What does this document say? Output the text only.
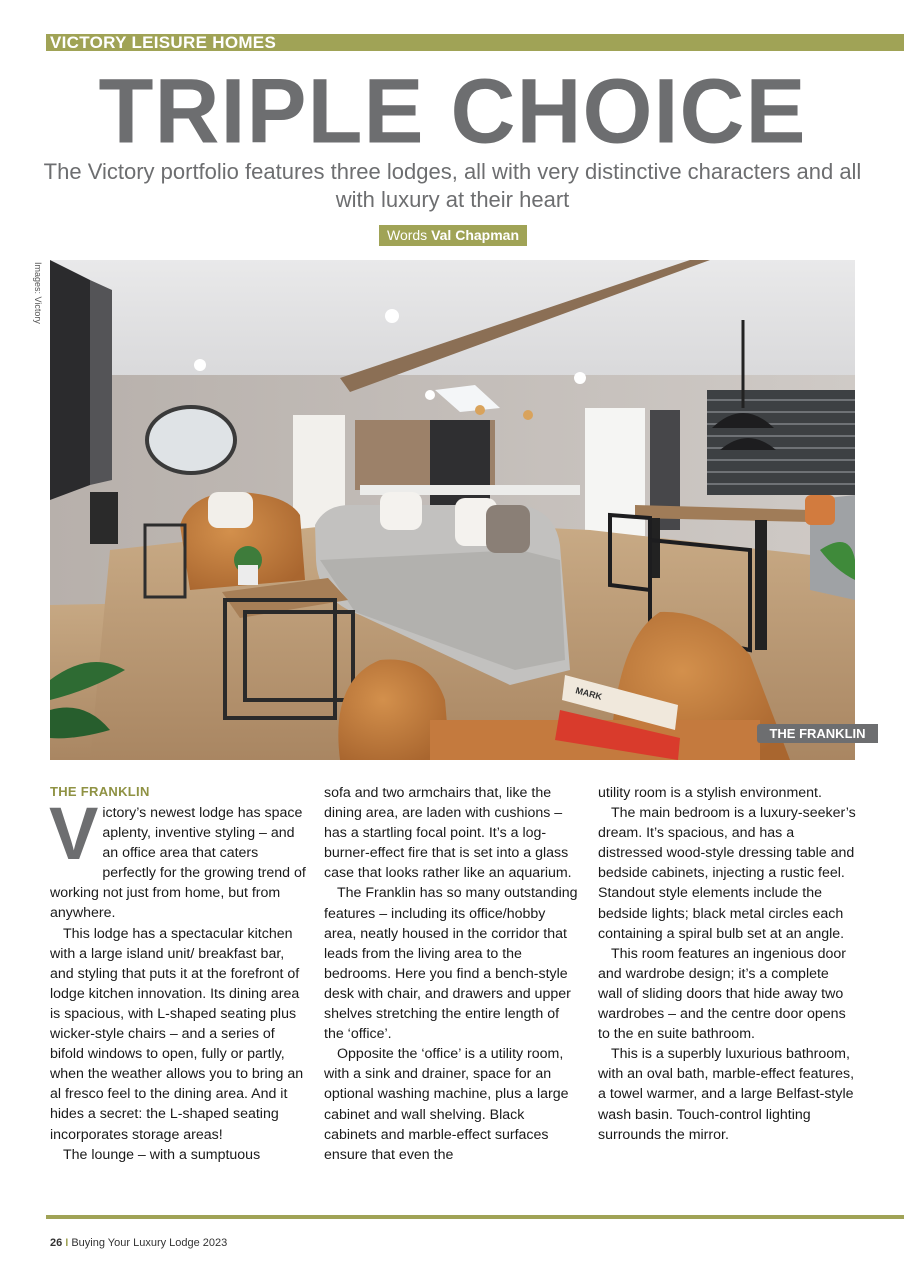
VICTORY LEISURE HOMES
TRIPLE CHOICE
The Victory portfolio features three lodges, all with very distinctive characters and all with luxury at their heart
Words Val Chapman
Images: Victory
MARK
THE FRANKLIN
THE FRANKLIN

Victory’s newest lodge has space aplenty, inventive styling – and an office area that caters perfectly for the growing trend of working not just from home, but from anywhere.

This lodge has a spectacular kitchen with a large island unit/ breakfast bar, and styling that puts it at the forefront of lodge kitchen innovation. Its dining area is spacious, with L-shaped seating plus wicker-style chairs – and a series of bifold windows to open, fully or partly, when the weather allows you to bring an al fresco feel to the dining area. And it hides a secret: the L-shaped seating incorporates storage areas!

The lounge – with a sumptuous

sofa and two armchairs that, like the dining area, are laden with cushions – has a startling focal point. It’s a log-burner-effect fire that is set into a glass case that looks rather like an aquarium.

The Franklin has so many outstanding features – including its office/hobby area, neatly housed in the corridor that leads from the living area to the bedrooms. Here you find a bench-style desk with chair, and drawers and upper shelves stretching the entire length of the ‘office’.

Opposite the ‘office’ is a utility room, with a sink and drainer, space for an optional washing machine, plus a large cabinet and wall shelving. Black cabinets and marble-effect surfaces ensure that even the

utility room is a stylish environment.

The main bedroom is a luxury-seeker’s dream. It’s spacious, and has a distressed wood-style dressing table and bedside cabinets, injecting a rustic feel. Standout style elements include the bedside lights; black metal circles each containing a spiral bulb set at an angle.

This room features an ingenious door and wardrobe design; it’s a complete wall of sliding doors that hide away two wardrobes – and the centre door opens to the en suite bathroom.

This is a superbly luxurious bathroom, with an oval bath, marble-effect features, a towel warmer, and a large Belfast-style wash basin. Touch-control lighting surrounds the mirror.

26 I Buying Your Luxury Lodge 2023
